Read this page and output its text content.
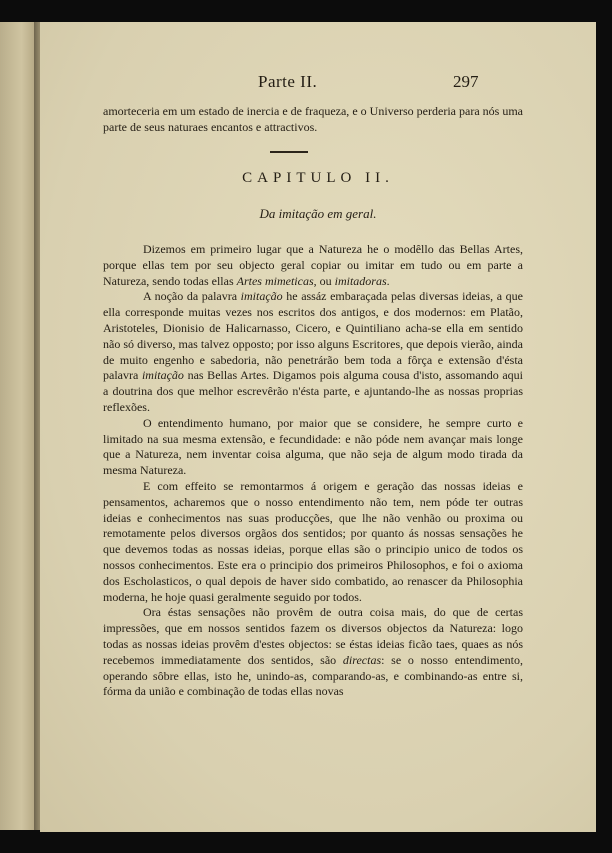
Parte II.	297

amorteceria em um estado de inercia e de fraqueza, e o Universo perderia para nós uma parte de seus naturaes encantos e attractivos.

CAPITULO II.
Da imitação em geral.

Dizemos em primeiro lugar que a Natureza he o modêllo das Bellas Artes, porque ellas tem por seu objecto geral copiar ou imitar em tudo ou em parte a Natureza, sendo todas ellas Artes mimeticas, ou imitadoras.

A noção da palavra imitação he assáz embaraçada pelas diversas ideias, a que ella corresponde muitas vezes nos escritos dos antigos, e dos modernos: em Platão, Aristoteles, Dionisio de Halicarnasso, Cicero, e Quintiliano acha-se ella em sentido não só diverso, mas talvez opposto; por isso alguns Escritores, que depois vierão, ainda de muito engenho e sabedoria, não penetrárão bem toda a fôrça e extensão d'ésta palavra imitação nas Bellas Artes. Digamos pois alguma cousa d'isto, assomando aqui a doutrina dos que melhor escrevêrão n'ésta parte, e ajuntando-lhe as nossas proprias reflexões.

O entendimento humano, por maior que se considere, he sempre curto e limitado na sua mesma extensão, e fecundidade: e não póde nem avançar mais longe que a Natureza, nem inventar coisa alguma, que não seja de algum modo tirada da mesma Natureza.

E com effeito se remontarmos á origem e geração das nossas ideias e pensamentos, acharemos que o nosso entendimento não tem, nem póde ter outras ideias e conhecimentos nas suas producções, que lhe não venhão ou proxima ou remotamente pelos diversos orgãos dos sentidos; por quanto ás nossas sensações he que devemos todas as nossas ideias, porque ellas são o principio unico de todos os nossos conhecimentos. Este era o principio dos primeiros Philosophos, e foi o axioma dos Escholasticos, o qual depois de haver sido combatido, ao renascer da Philosophia moderna, he hoje quasi geralmente seguido por todos.

Ora éstas sensações não provêm de outra coisa mais, do que de certas impressões, que em nossos sentidos fazem os diversos objectos da Natureza: logo todas as nossas ideias provêm d'estes objectos: se éstas ideias ficão taes, quaes as nós recebemos immediatamente dos sentidos, são directas: se o nosso entendimento, operando sôbre ellas, isto he, unindo-as, comparando-as, e combinando-as entre si, fórma da união e combinação de todas ellas novas
